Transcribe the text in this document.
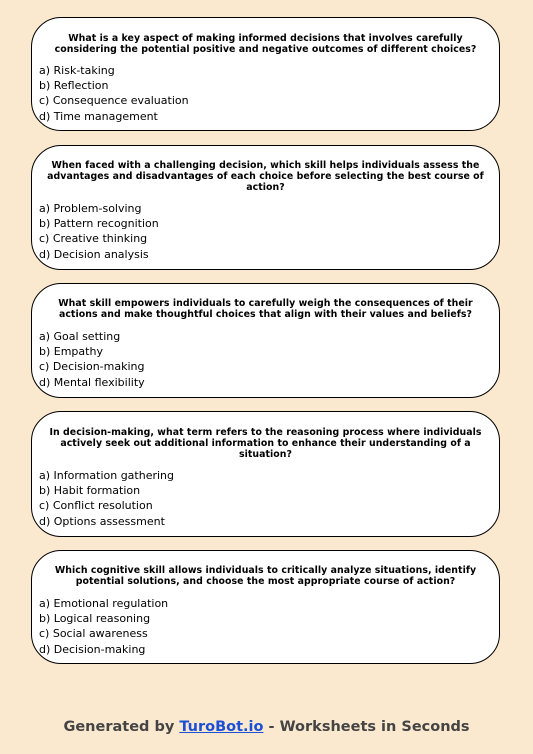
What is a key aspect of making informed decisions that involves carefully considering the potential positive and negative outcomes of different choices?
a) Risk-taking
b) Reflection
c) Consequence evaluation
d) Time management
When faced with a challenging decision, which skill helps individuals assess the advantages and disadvantages of each choice before selecting the best course of action?
a) Problem-solving
b) Pattern recognition
c) Creative thinking
d) Decision analysis
What skill empowers individuals to carefully weigh the consequences of their actions and make thoughtful choices that align with their values and beliefs?
a) Goal setting
b) Empathy
c) Decision-making
d) Mental flexibility
In decision-making, what term refers to the reasoning process where individuals actively seek out additional information to enhance their understanding of a situation?
a) Information gathering
b) Habit formation
c) Conflict resolution
d) Options assessment
Which cognitive skill allows individuals to critically analyze situations, identify potential solutions, and choose the most appropriate course of action?
a) Emotional regulation
b) Logical reasoning
c) Social awareness
d) Decision-making
Generated by TuroBot.io - Worksheets in Seconds
